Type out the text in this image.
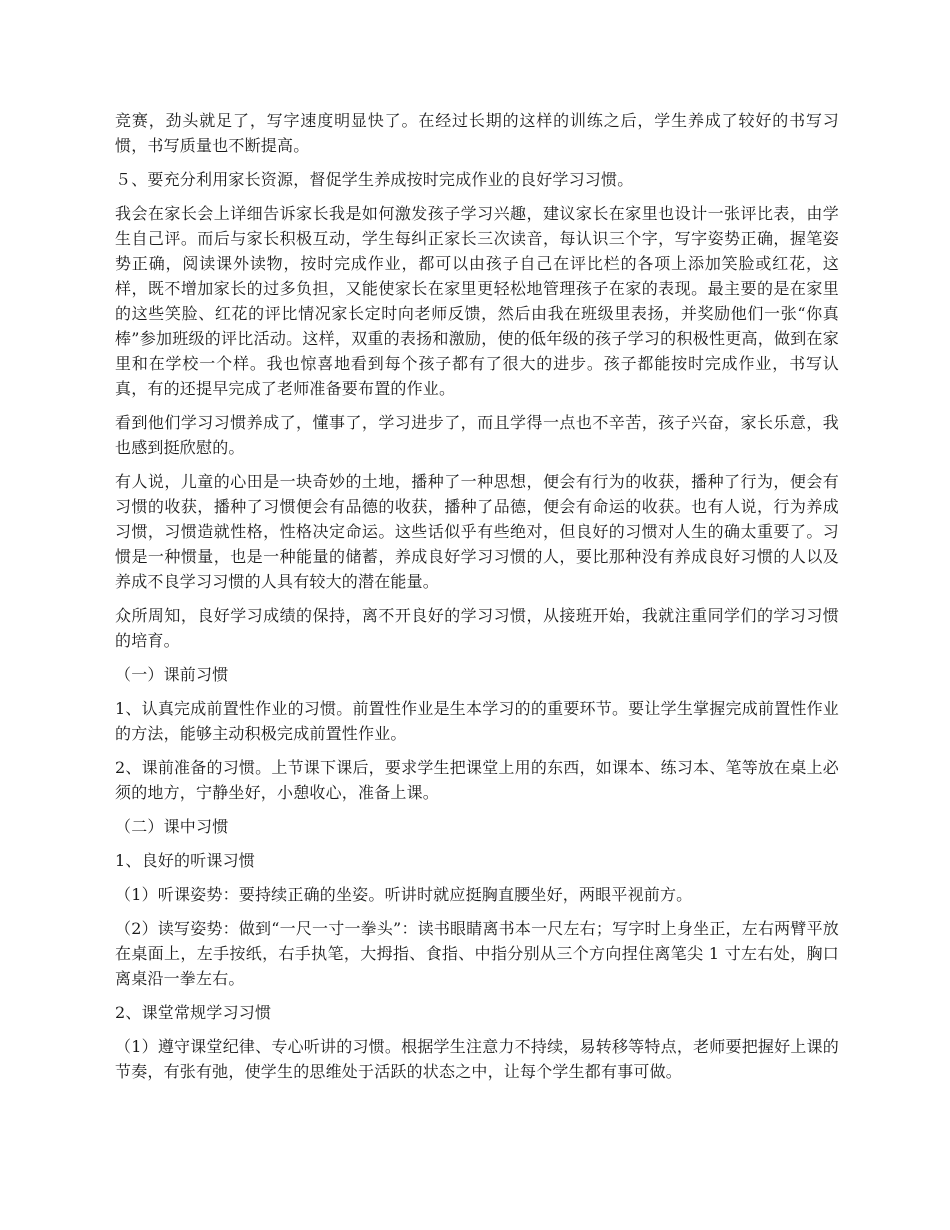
竞赛，劲头就足了，写字速度明显快了。在经过长期的这样的训练之后，学生养成了较好的书写习惯，书写质量也不断提高。

５、要充分利用家长资源，督促学生养成按时完成作业的良好学习习惯。

我会在家长会上详细告诉家长我是如何激发孩子学习兴趣，建议家长在家里也设计一张评比表，由学生自己评。而后与家长积极互动，学生每纠正家长三次读音，每认识三个字，写字姿势正确，握笔姿势正确，阅读课外读物，按时完成作业，都可以由孩子自己在评比栏的各项上添加笑脸或红花，这样，既不增加家长的过多负担，又能使家长在家里更轻松地管理孩子在家的表现。最主要的是在家里的这些笑脸、红花的评比情况家长定时向老师反馈，然后由我在班级里表扬，并奖励他们一张“你真棒”参加班级的评比活动。这样，双重的表扬和激励，使的低年级的孩子学习的积极性更高，做到在家里和在学校一个样。我也惊喜地看到每个孩子都有了很大的进步。孩子都能按时完成作业，书写认真，有的还提早完成了老师准备要布置的作业。

看到他们学习习惯养成了，懂事了，学习进步了，而且学得一点也不辛苦，孩子兴奋，家长乐意，我也感到挺欣慰的。

有人说，儿童的心田是一块奇妙的土地，播种了一种思想，便会有行为的收获，播种了行为，便会有习惯的收获，播种了习惯便会有品德的收获，播种了品德，便会有命运的收获。也有人说，行为养成习惯，习惯造就性格，性格决定命运。这些话似乎有些绝对，但良好的习惯对人生的确太重要了。习惯是一种惯量，也是一种能量的储蓄，养成良好学习习惯的人，要比那种没有养成良好习惯的人以及养成不良学习习惯的人具有较大的潜在能量。

众所周知，良好学习成绩的保持，离不开良好的学习习惯，从接班开始，我就注重同学们的学习习惯的培育。

（一）课前习惯

1、认真完成前置性作业的习惯。前置性作业是生本学习的的重要环节。要让学生掌握完成前置性作业的方法，能够主动积极完成前置性作业。

2、课前准备的习惯。上节课下课后，要求学生把课堂上用的东西，如课本、练习本、笔等放在桌上必须的地方，宁静坐好，小憩收心，准备上课。

（二）课中习惯

1、良好的听课习惯

（1）听课姿势：要持续正确的坐姿。听讲时就应挺胸直腰坐好，两眼平视前方。

（2）读写姿势：做到“一尺一寸一拳头”：读书眼睛离书本一尺左右；写字时上身坐正，左右两臂平放在桌面上，左手按纸，右手执笔，大拇指、食指、中指分别从三个方向捏住离笔尖 1 寸左右处，胸口离桌沿一拳左右。

2、课堂常规学习习惯

（1）遵守课堂纪律、专心听讲的习惯。根据学生注意力不持续，易转移等特点，老师要把握好上课的节奏，有张有弛，使学生的思维处于活跃的状态之中，让每个学生都有事可做。
